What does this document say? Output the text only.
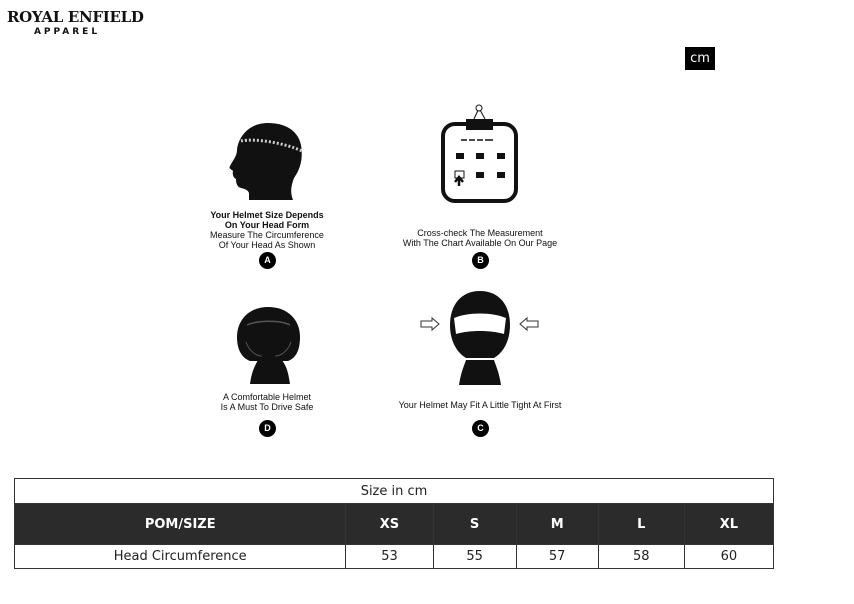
ROYAL ENFIELD
APPAREL
cm
Your Helmet Size Depends
On Your Head Form
Measure The Circumference
Of Your Head As Shown
A
Cross-check The Measurement
With The Chart Available On Our Page
B
A Comfortable Helmet
Is A Must To Drive Safe
D
Your Helmet May Fit A Little Tight At First
C
Size in cm					
POM/SIZE	XS	S	M	L	XL
Head Circumference	53	55	57	58	60
